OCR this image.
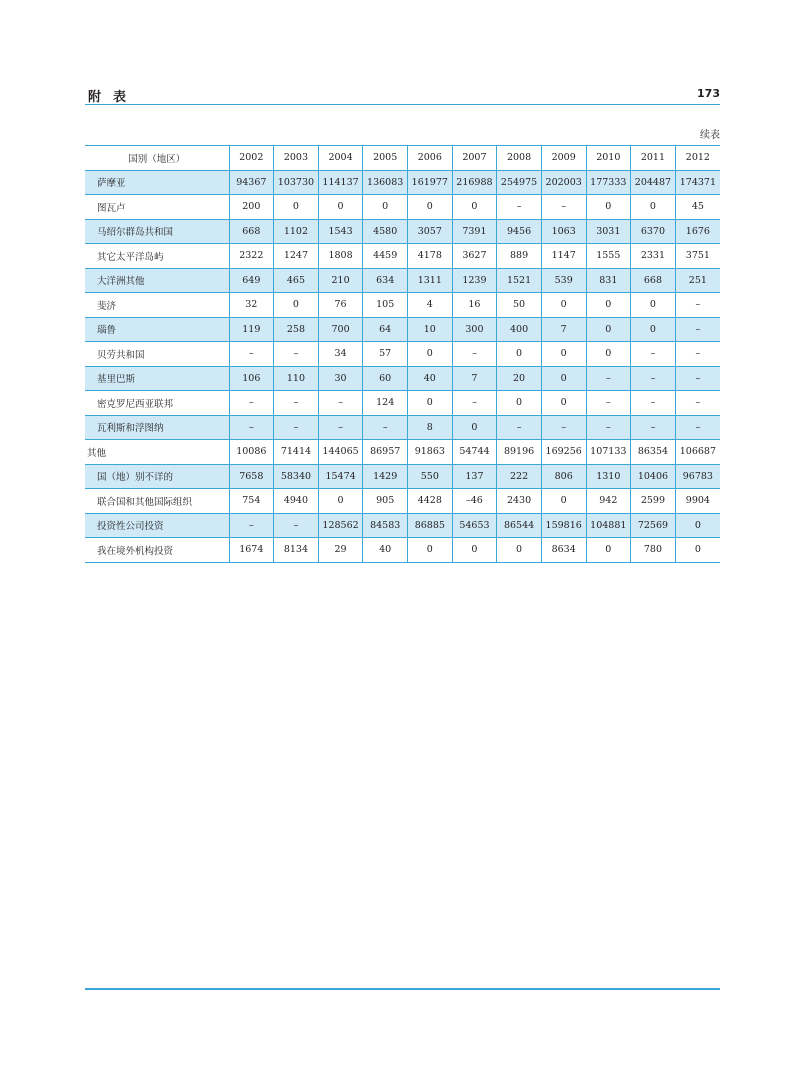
附表	173
续表
国别（地区）	2002	2003	2004	2005	2006	2007	2008	2009	2010	2011	2012
萨摩亚	94367	103730	114137	136083	161977	216988	254975	202003	177333	204487	174371
图瓦卢	200	0	0	0	0	0	–	–	0	0	45
马绍尔群岛共和国	668	1102	1543	4580	3057	7391	9456	1063	3031	6370	1676
其它太平洋岛屿	2322	1247	1808	4459	4178	3627	889	1147	1555	2331	3751
大洋洲其他	649	465	210	634	1311	1239	1521	539	831	668	251
斐济	32	0	76	105	4	16	50	0	0	0	–
瑙鲁	119	258	700	64	10	300	400	7	0	0	–
贝劳共和国	–	–	34	57	0	–	0	0	0	–	–
基里巴斯	106	110	30	60	40	7	20	0	–	–	–
密克罗尼西亚联邦	–	–	–	124	0	–	0	0	–	–	–
瓦利斯和浮图纳	–	–	–	–	8	0	–	–	–	–	–
其他	10086	71414	144065	86957	91863	54744	89196	169256	107133	86354	106687
国（地）别不详的	7658	58340	15474	1429	550	137	222	806	1310	10406	96783
联合国和其他国际组织	754	4940	0	905	4428	–46	2430	0	942	2599	9904
投资性公司投资	–	–	128562	84583	86885	54653	86544	159816	104881	72569	0
我在境外机构投资	1674	8134	29	40	0	0	0	8634	0	780	0
